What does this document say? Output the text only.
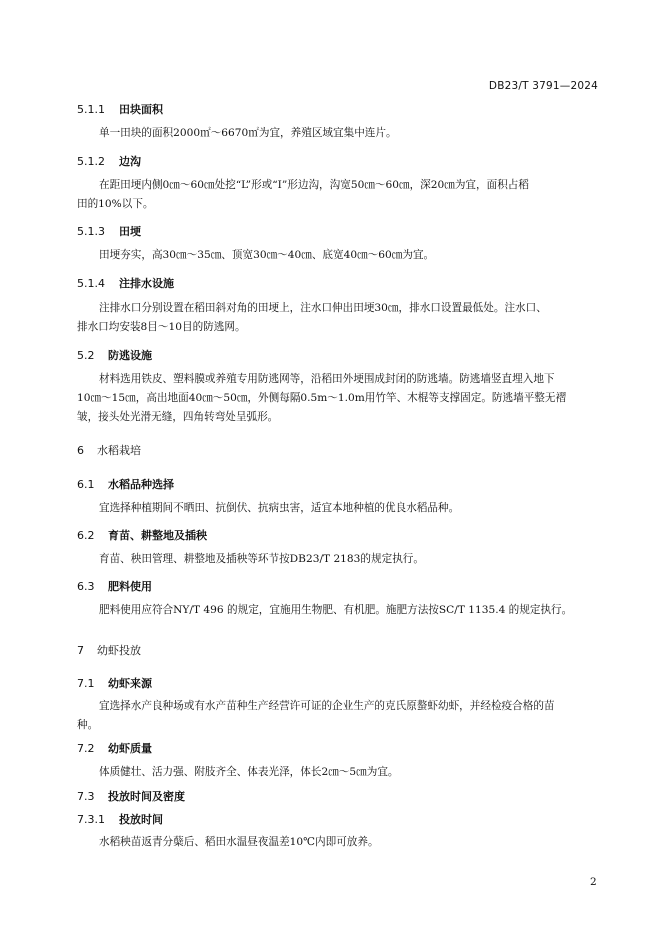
DB23/T 3791—2024
5.1.1 田块面积
单一田块的面积2000㎡～6670㎡为宜，养殖区域宜集中连片。
5.1.2 边沟
在距田埂内侧0㎝～60㎝处挖“L”形或“I”形边沟，沟宽50㎝～60㎝，深20㎝为宜，面积占稻
田的10%以下。
5.1.3 田埂
田埂夯实，高30㎝～35㎝、顶宽30㎝～40㎝、底宽40㎝～60㎝为宜。
5.1.4 注排水设施
注排水口分别设置在稻田斜对角的田埂上，注水口伸出田埂30㎝，排水口设置最低处。注水口、
排水口均安装8目～10目的防逃网。
5.2 防逃设施
材料选用铁皮、塑料膜或养殖专用防逃网等，沿稻田外埂围成封闭的防逃墙。防逃墙竖直埋入地下
10㎝～15㎝，高出地面40㎝～50㎝，外侧每隔0.5m～1.0m用竹竿、木棍等支撑固定。防逃墙平整无褶
皱，接头处光滑无缝，四角转弯处呈弧形。
6 水稻栽培
6.1 水稻品种选择
宜选择种植期间不晒田、抗倒伏、抗病虫害，适宜本地种植的优良水稻品种。
6.2 育苗、耕整地及插秧
育苗、秧田管理、耕整地及插秧等环节按DB23/T 2183的规定执行。
6.3 肥料使用
肥料使用应符合NY/T 496 的规定，宜施用生物肥、有机肥。施肥方法按SC/T 1135.4 的规定执行。
7 幼虾投放
7.1 幼虾来源
宜选择水产良种场或有水产苗种生产经营许可证的企业生产的克氏原螯虾幼虾，并经检疫合格的苗
种。
7.2 幼虾质量
体质健壮、活力强、附肢齐全、体表光泽，体长2㎝～5㎝为宜。
7.3 投放时间及密度
7.3.1 投放时间
水稻秧苗返青分蘖后、稻田水温昼夜温差10℃内即可放养。
2
